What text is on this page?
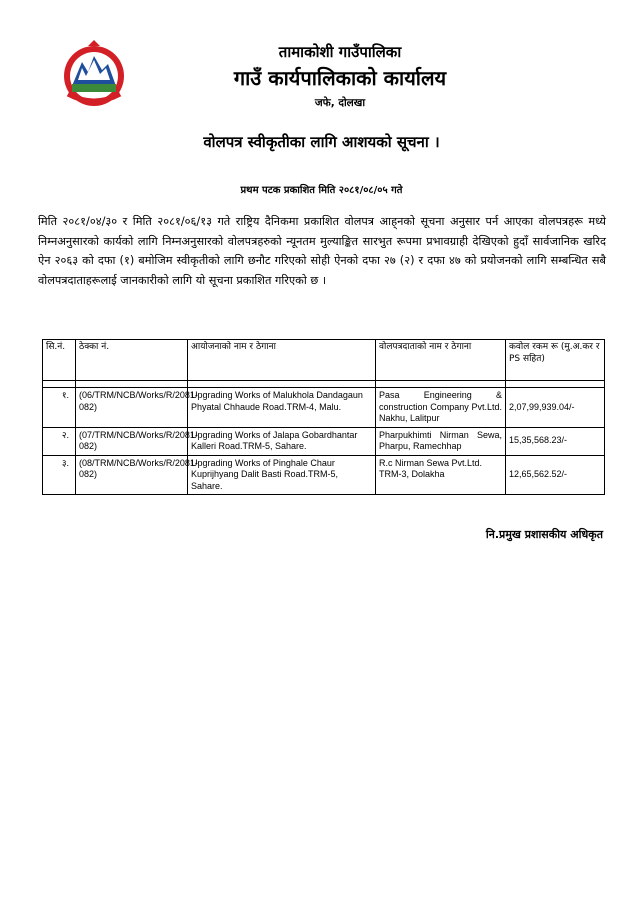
तामाकोशी गाउँपालिका
गाउँ कार्यपालिकाको कार्यालय
जफे, दोलखा
वोलपत्र स्वीकृतीका लागि आशयको सूचना ।
प्रथम पटक प्रकाशित मिति २०८१/०८/०५ गते
मिति २०८१/०४/३० र मिति २०८१/०६/१३ गते राष्ट्रिय दैनिकमा प्रकाशित वोलपत्र आह्‌नको सूचना अनुसार पर्न आएका वोलपत्रहरू मध्ये निम्नअनुसारको कार्यको लागि निम्नअनुसारको वोलपत्रहरुको न्यूनतम मुल्याङ्कित सारभुत रूपमा प्रभावग्राही देखिएको हुदाँ सार्वजानिक खरिद ऐन २०६३ को दफा (१) बमोजिम स्वीकृतीको लागि छनौट गरिएको सोही ऐनको दफा २७ (२) र दफा ४७ को प्रयोजनको लागि सम्बन्धित सबै वोलपत्रदाताहरूलाई जानकारीको लागि यो सूचना प्रकाशित गरिएको छ ।
सि.नं.	ठेक्का नं.	आयोजनाको नाम र ठेगाना	वोलपत्रदाताको नाम र ठेगाना	कवोल रकम रू (मु.अ.कर र PS सहित)

१.	(06/TRM/NCB/Works/R/2081-082)	Upgrading Works of Malukhola Dandagaun Phyatal Chhaude Road.TRM-4, Malu.	Pasa Engineering & construction Company Pvt.Ltd. Nakhu, Lalitpur	2,07,99,939.04/-
२.	(07/TRM/NCB/Works/R/2081-082)	Upgrading Works of Jalapa Gobardhantar Kalleri Road.TRM-5, Sahare.	Pharpukhimti Nirman Sewa, Pharpu, Ramechhap	15,35,568.23/-
३.	(08/TRM/NCB/Works/R/2081-082)	Upgrading Works of Pinghale Chaur Kuprijhyang Dalit Basti Road.TRM-5, Sahare.	R.c Nirman Sewa Pvt.Ltd. TRM-3, Dolakha	12,65,562.52/-
नि.प्रमुख प्रशासकीय अधिकृत
